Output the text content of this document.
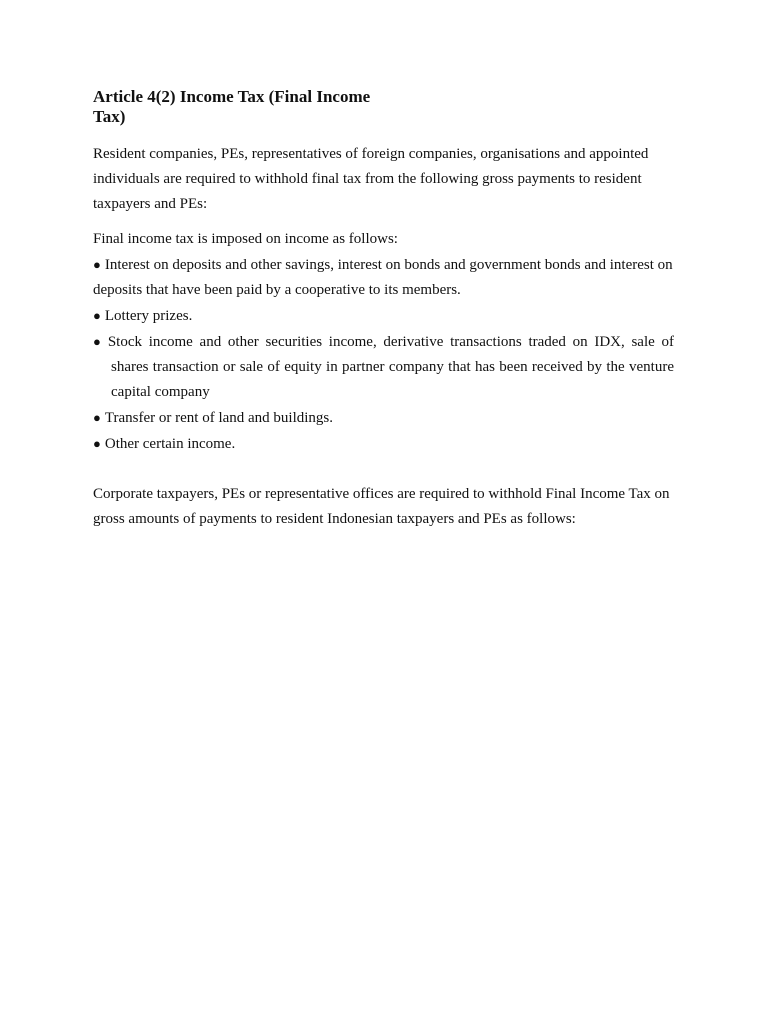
Article 4(2) Income Tax (Final Income Tax)

Resident companies, PEs, representatives of foreign companies, organisations and appointed individuals are required to withhold final tax from the following gross payments to resident taxpayers and PEs:

Final income tax is imposed on income as follows:

● Interest on deposits and other savings, interest on bonds and government bonds and interest on deposits that have been paid by a cooperative to its members.
● Lottery prizes.
● Stock income and other securities income, derivative transactions traded on IDX, sale of shares transaction or sale of equity in partner company that has been received by the venture capital company
● Transfer or rent of land and buildings.
● Other certain income.

Corporate taxpayers, PEs or representative offices are required to withhold Final Income Tax on gross amounts of payments to resident Indonesian taxpayers and PEs as follows:
